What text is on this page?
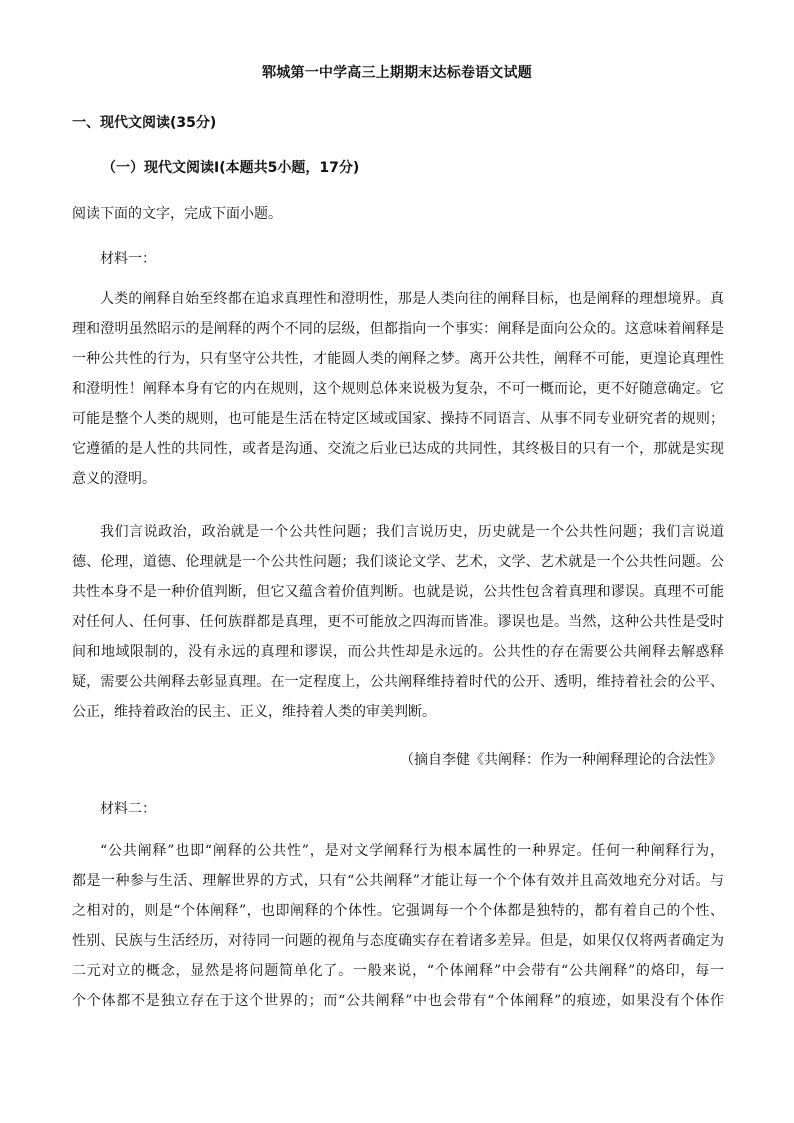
郓城第一中学高三上期期末达标卷语文试题
一、现代文阅读(35分)
（一）现代文阅读Ⅰ(本题共5小题，17分)
阅读下面的文字，完成下面小题。
材料一：
人类的阐释自始至终都在追求真理性和澄明性，那是人类向往的阐释目标，也是阐释的理想境界。真
理和澄明虽然昭示的是阐释的两个不同的层级，但都指向一个事实：阐释是面向公众的。这意味着阐释是
一种公共性的行为，只有坚守公共性，才能圆人类的阐释之梦。离开公共性，阐释不可能，更遑论真理性
和澄明性！阐释本身有它的内在规则，这个规则总体来说极为复杂，不可一概而论，更不好随意确定。它
可能是整个人类的规则，也可能是生活在特定区域或国家、操持不同语言、从事不同专业研究者的规则；
它遵循的是人性的共同性，或者是沟通、交流之后业已达成的共同性，其终极目的只有一个，那就是实现
意义的澄明。
我们言说政治，政治就是一个公共性问题；我们言说历史，历史就是一个公共性问题；我们言说道
德、伦理，道德、伦理就是一个公共性问题；我们谈论文学、艺术，文学、艺术就是一个公共性问题。公
共性本身不是一种价值判断，但它又蕴含着价值判断。也就是说，公共性包含着真理和谬误。真理不可能
对任何人、任何事、任何族群都是真理，更不可能放之四海而皆准。谬误也是。当然，这种公共性是受时
间和地域限制的，没有永远的真理和谬误，而公共性却是永远的。公共性的存在需要公共阐释去解惑释
疑，需要公共阐释去彰显真理。在一定程度上，公共阐释维持着时代的公开、透明，维持着社会的公平、
公正，维持着政治的民主、正义，维持着人类的审美判断。
（摘自李健《共阐释：作为一种阐释理论的合法性》
材料二：
“公共阐释”也即“阐释的公共性”，是对文学阐释行为根本属性的一种界定。任何一种阐释行为，
都是一种参与生活、理解世界的方式，只有“公共阐释”才能让每一个个体有效并且高效地充分对话。与
之相对的，则是“个体阐释”，也即阐释的个体性。它强调每一个个体都是独特的，都有着自己的个性、
性别、民族与生活经历，对待同一问题的视角与态度确实存在着诸多差异。但是，如果仅仅将两者确定为
二元对立的概念，显然是将问题简单化了。一般来说，“个体阐释”中会带有“公共阐释”的烙印，每一
个个体都不是独立存在于这个世界的；而“公共阐释”中也会带有“个体阐释”的痕迹，如果没有个体作
